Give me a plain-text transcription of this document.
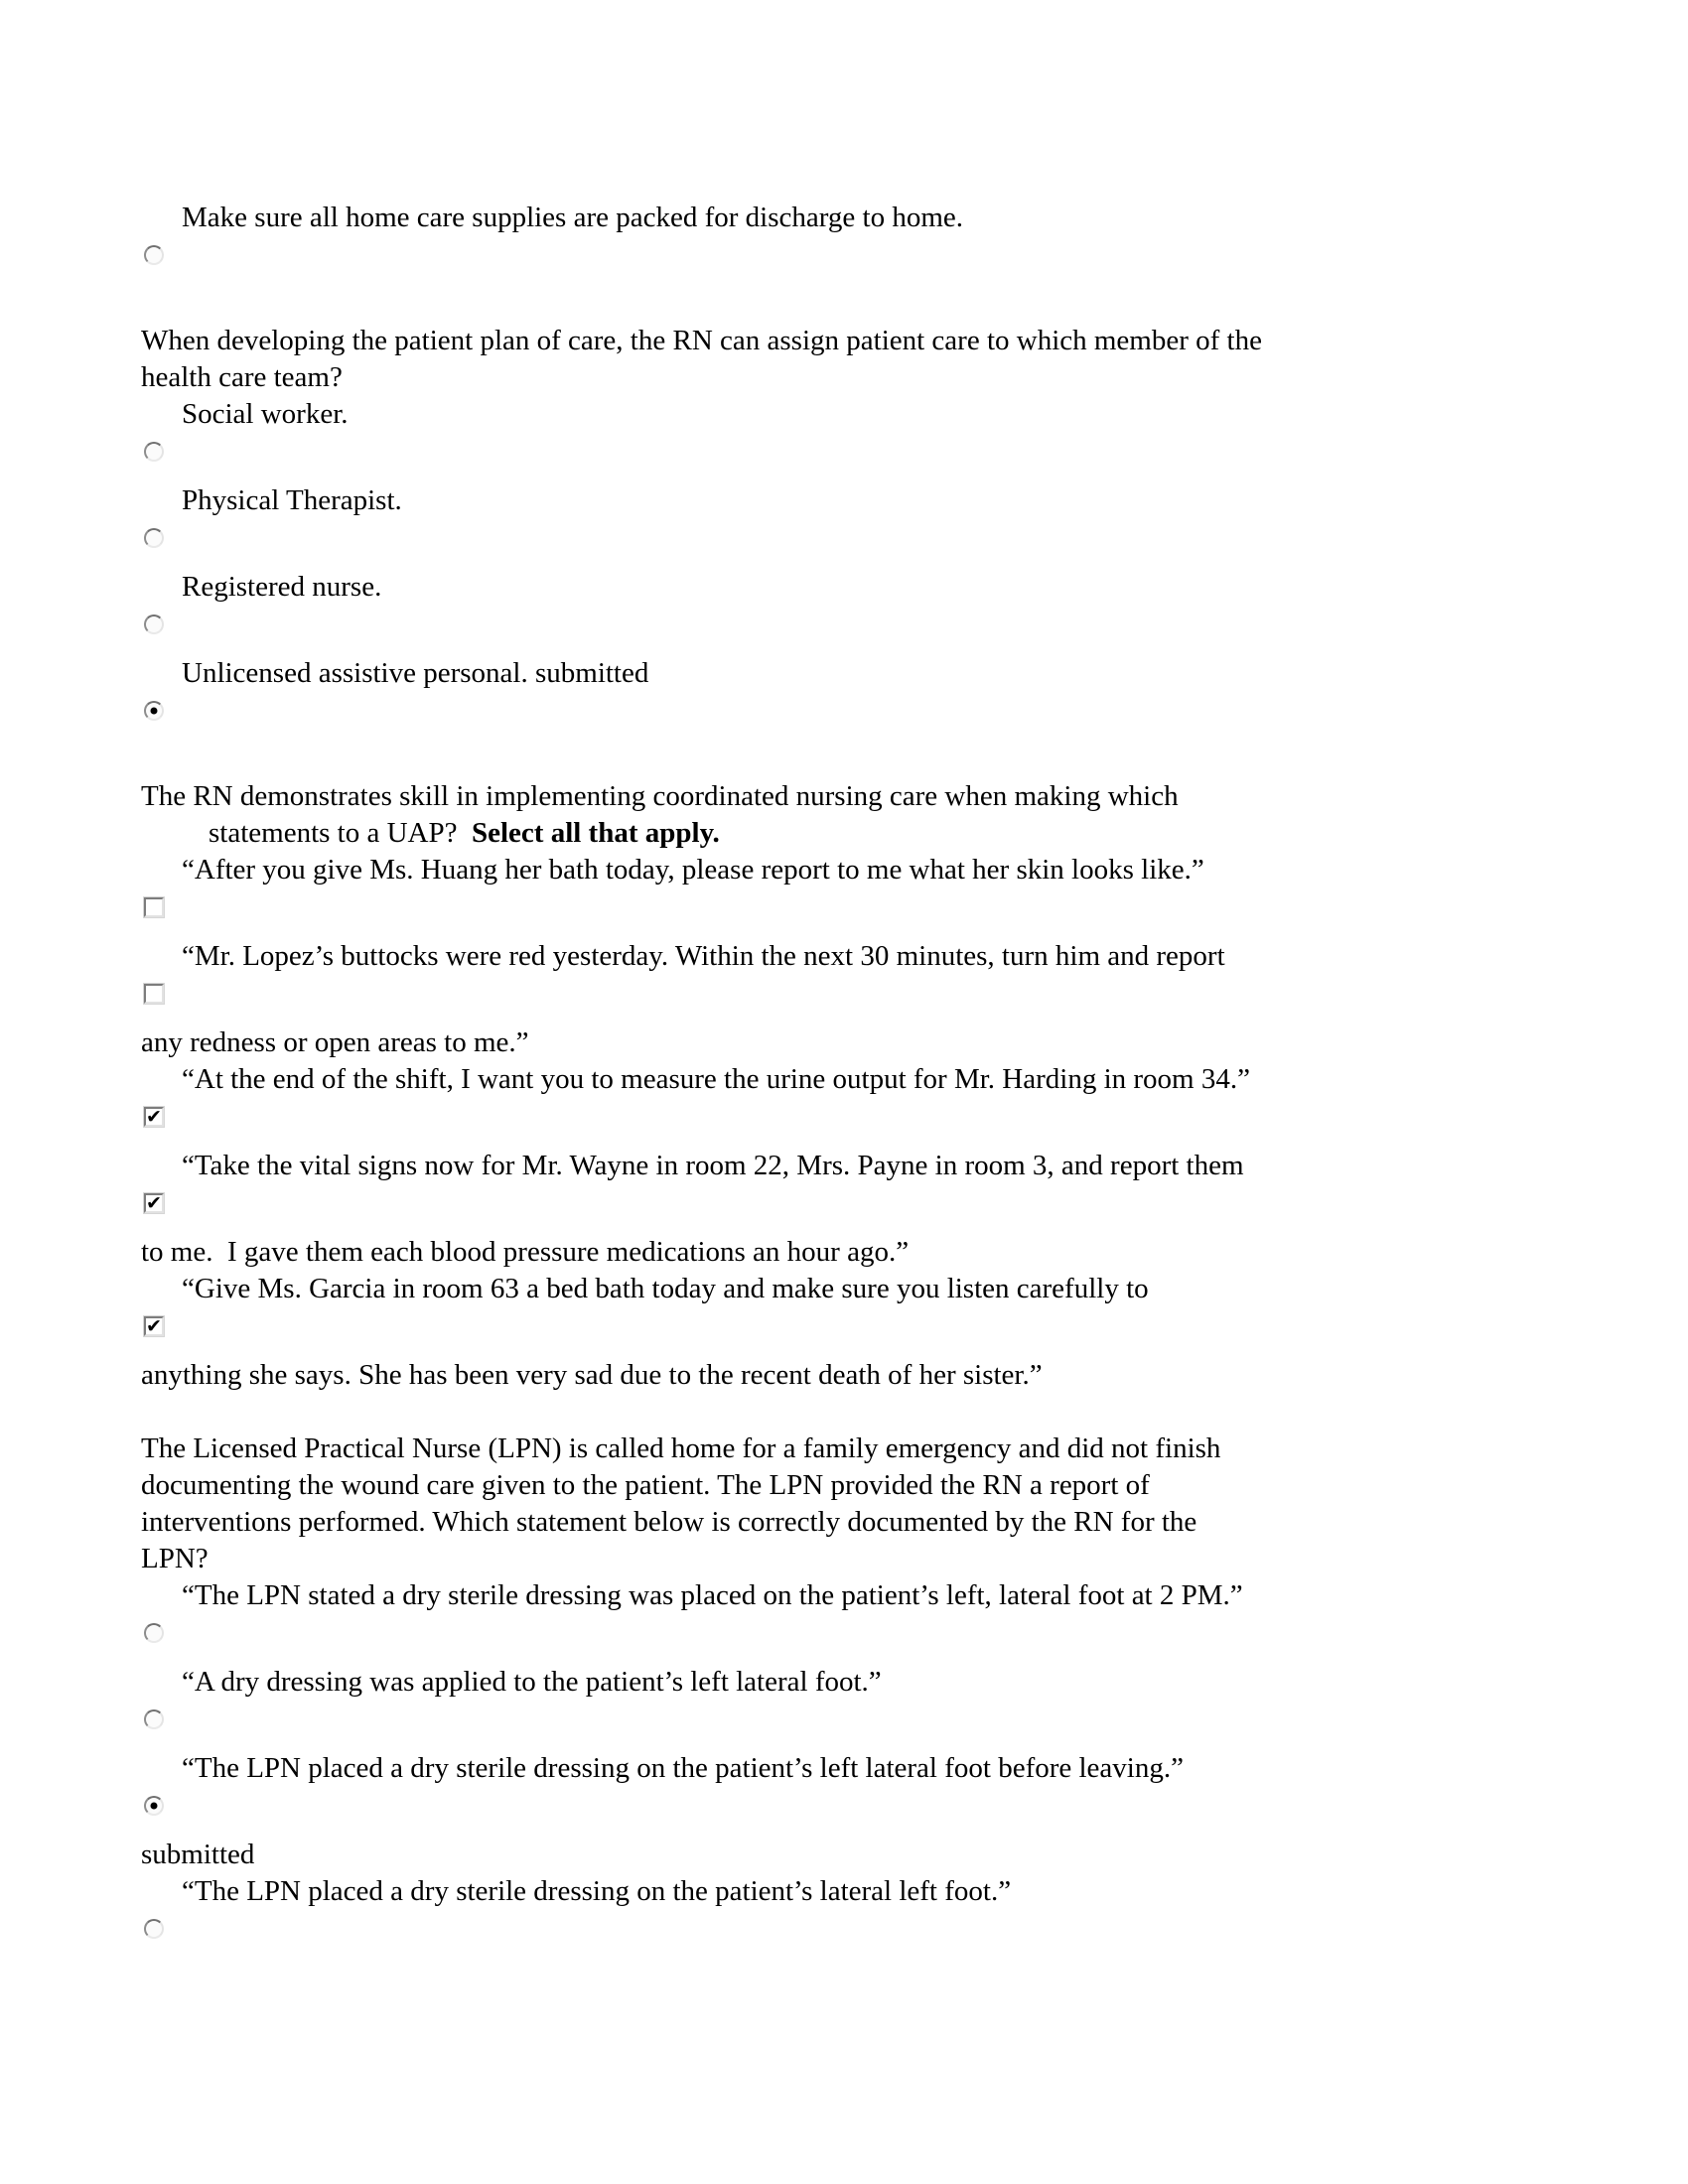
Make sure all home care supplies are packed for discharge to home.
When developing the patient plan of care, the RN can assign patient care to which member of the
health care team?
Social worker.
Physical Therapist.
Registered nurse.
Unlicensed assistive personal. submitted
The RN demonstrates skill in implementing coordinated nursing care when making which
statements to a UAP?  Select all that apply.
“After you give Ms. Huang her bath today, please report to me what her skin looks like.”
“Mr. Lopez’s buttocks were red yesterday. Within the next 30 minutes, turn him and report
any redness or open areas to me.”
“At the end of the shift, I want you to measure the urine output for Mr. Harding in room 34.”
✔
“Take the vital signs now for Mr. Wayne in room 22, Mrs. Payne in room 3, and report them
✔
to me.  I gave them each blood pressure medications an hour ago.”
“Give Ms. Garcia in room 63 a bed bath today and make sure you listen carefully to
✔
anything she says. She has been very sad due to the recent death of her sister.”
The Licensed Practical Nurse (LPN) is called home for a family emergency and did not finish
documenting the wound care given to the patient. The LPN provided the RN a report of
interventions performed. Which statement below is correctly documented by the RN for the
LPN?
“The LPN stated a dry sterile dressing was placed on the patient’s left, lateral foot at 2 PM.”
“A dry dressing was applied to the patient’s left lateral foot.”
“The LPN placed a dry sterile dressing on the patient’s left lateral foot before leaving.”
submitted
“The LPN placed a dry sterile dressing on the patient’s lateral left foot.”
